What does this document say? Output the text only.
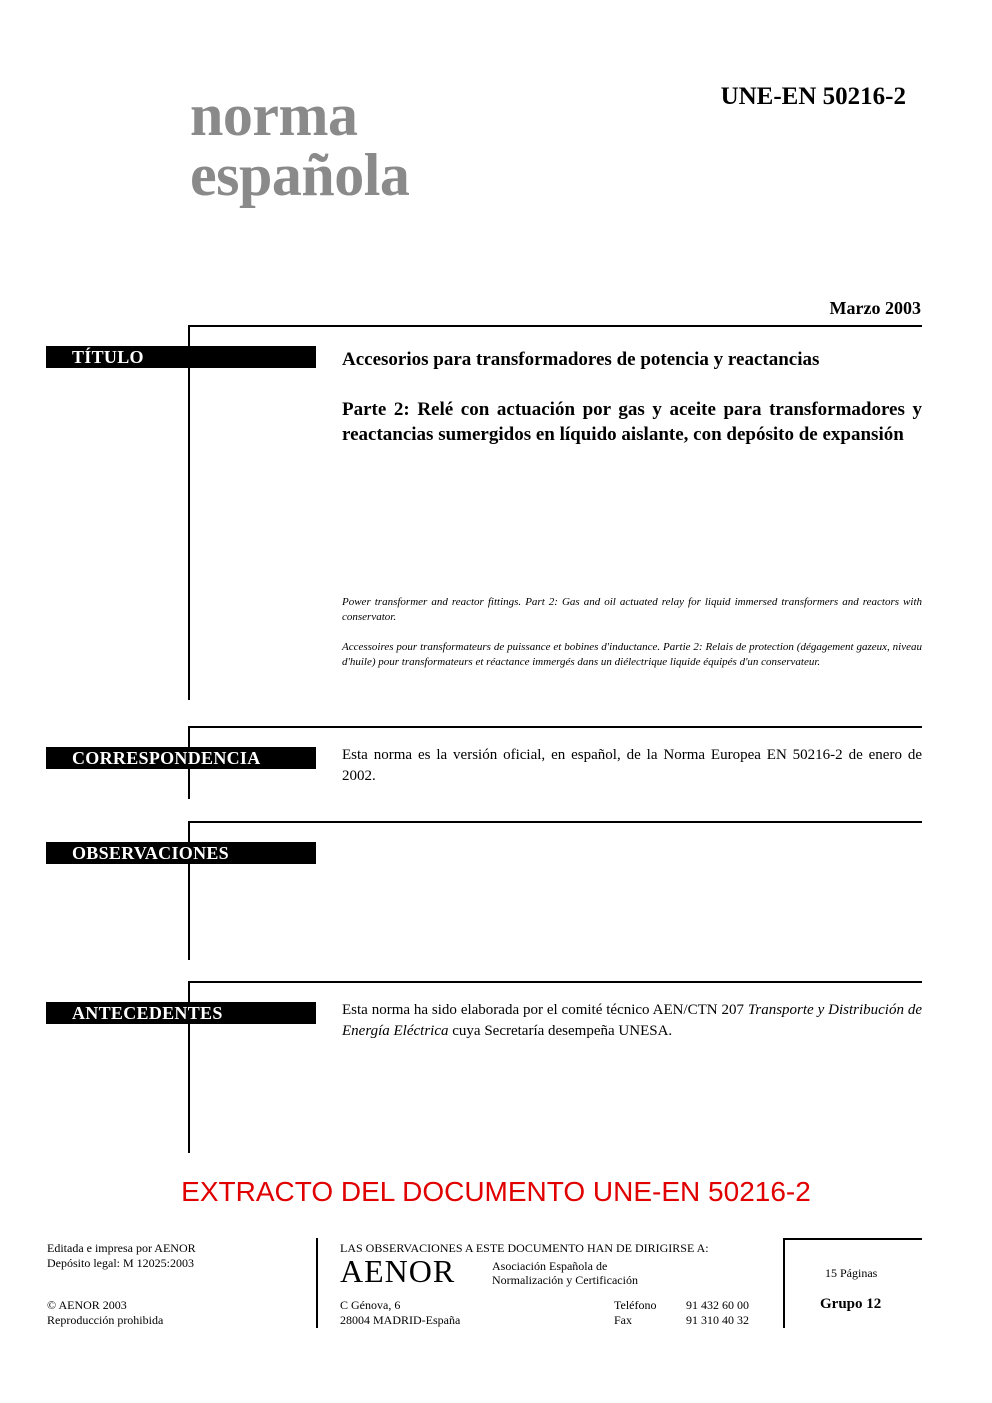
norma
española
UNE-EN 50216-2
Marzo 2003
TÍTULO	Accesorios para transformadores de potencia y reactancias
Parte 2: Relé con actuación por gas y aceite para transformadores y reactancias sumergidos en líquido aislante, con depósito de expansión
Power transformer and reactor fittings. Part 2: Gas and oil actuated relay for liquid immersed transformers and reactors with conservator.
Accessoires pour transformateurs de puissance et bobines d'inductance. Partie 2: Relais de protection (dégagement gazeux, niveau d'huile) pour transformateurs et réactance immergés dans un diélectrique liquide équipés d'un conservateur.
CORRESPONDENCIA	Esta norma es la versión oficial, en español, de la Norma Europea EN 50216-2 de enero de 2002.
OBSERVACIONES
ANTECEDENTES	Esta norma ha sido elaborada por el comité técnico AEN/CTN 207 Transporte y Distribución de Energía Eléctrica cuya Secretaría desempeña UNESA.
EXTRACTO DEL DOCUMENTO UNE-EN 50216-2
Editada e impresa por AENOR
Depósito legal: M 12025:2003
© AENOR 2003
Reproducción prohibida
LAS OBSERVACIONES A ESTE DOCUMENTO HAN DE DIRIGIRSE A:
AENOR	Asociación Española de
Normalización y Certificación
C Génova, 6
28004 MADRID-España
Teléfono 91 432 60 00
Fax	91 310 40 32
15 Páginas
Grupo 12
